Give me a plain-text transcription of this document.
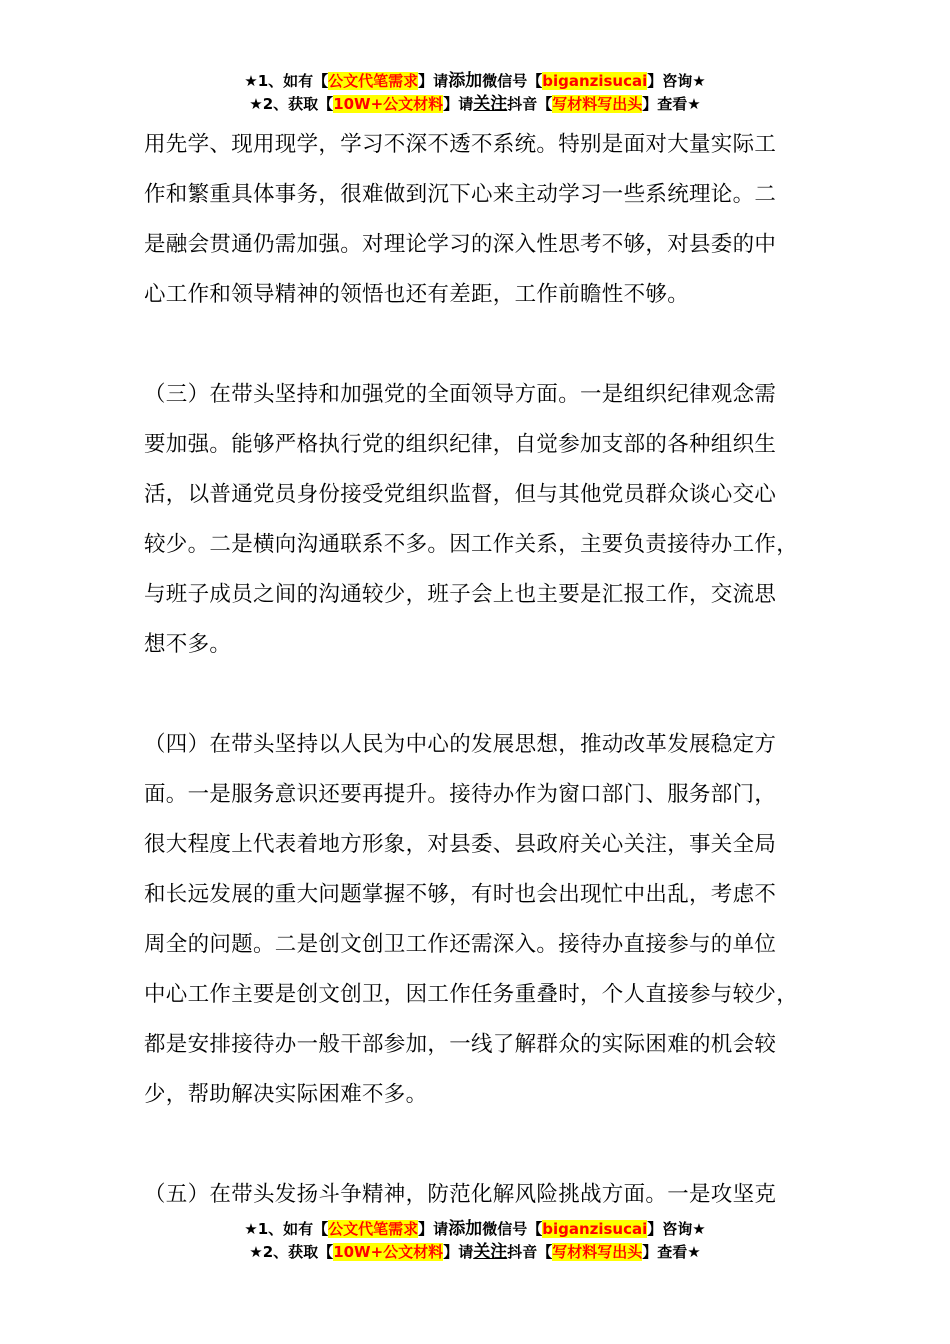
★1、如有【公文代笔需求】请添加微信号【biganzisucai】咨询★
★2、获取【10W+公文材料】请关注抖音【写材料写出头】查看★

用先学、现用现学，学习不深不透不系统。特别是面对大量实际工

作和繁重具体事务，很难做到沉下心来主动学习一些系统理论。二

是融会贯通仍需加强。对理论学习的深入性思考不够，对县委的中

心工作和领导精神的领悟也还有差距，工作前瞻性不够。

（三）在带头坚持和加强党的全面领导方面。一是组织纪律观念需

要加强。能够严格执行党的组织纪律，自觉参加支部的各种组织生

活，以普通党员身份接受党组织监督，但与其他党员群众谈心交心

较少。二是横向沟通联系不多。因工作关系，主要负责接待办工作，

与班子成员之间的沟通较少，班子会上也主要是汇报工作，交流思

想不多。

（四）在带头坚持以人民为中心的发展思想，推动改革发展稳定方

面。一是服务意识还要再提升。接待办作为窗口部门、服务部门，

很大程度上代表着地方形象，对县委、县政府关心关注，事关全局

和长远发展的重大问题掌握不够，有时也会出现忙中出乱，考虑不

周全的问题。二是创文创卫工作还需深入。接待办直接参与的单位

中心工作主要是创文创卫，因工作任务重叠时，个人直接参与较少，

都是安排接待办一般干部参加，一线了解群众的实际困难的机会较

少，帮助解决实际困难不多。

（五）在带头发扬斗争精神，防范化解风险挑战方面。一是攻坚克

★1、如有【公文代笔需求】请添加微信号【biganzisucai】咨询★
★2、获取【10W+公文材料】请关注抖音【写材料写出头】查看★
